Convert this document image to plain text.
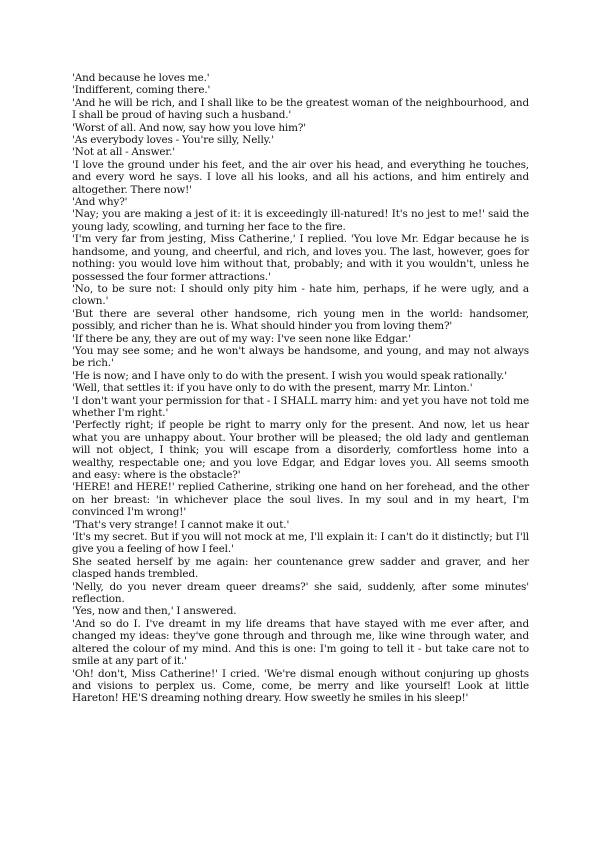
'And because he loves me.'

'Indifferent, coming there.'

'And he will be rich, and I shall like to be the greatest woman of the neighbourhood, and I shall be proud of having such a husband.'

'Worst of all. And now, say how you love him?'

'As everybody loves - You're silly, Nelly.'

'Not at all - Answer.'

'I love the ground under his feet, and the air over his head, and everything he touches, and every word he says. I love all his looks, and all his actions, and him entirely and altogether. There now!'

'And why?'

'Nay; you are making a jest of it: it is exceedingly ill-natured! It's no jest to me!' said the young lady, scowling, and turning her face to the fire.

'I'm very far from jesting, Miss Catherine,' I replied. 'You love Mr. Edgar because he is handsome, and young, and cheerful, and rich, and loves you. The last, however, goes for nothing: you would love him without that, probably; and with it you wouldn't, unless he possessed the four former attractions.'

'No, to be sure not: I should only pity him - hate him, perhaps, if he were ugly, and a clown.'

'But there are several other handsome, rich young men in the world: handsomer, possibly, and richer than he is. What should hinder you from loving them?'

'If there be any, they are out of my way: I've seen none like Edgar.'

'You may see some; and he won't always be handsome, and young, and may not always be rich.'

'He is now; and I have only to do with the present. I wish you would speak rationally.'

'Well, that settles it: if you have only to do with the present, marry Mr. Linton.'

'I don't want your permission for that - I SHALL marry him: and yet you have not told me whether I'm right.'

'Perfectly right; if people be right to marry only for the present. And now, let us hear what you are unhappy about. Your brother will be pleased; the old lady and gentleman will not object, I think; you will escape from a disorderly, comfortless home into a wealthy, respectable one; and you love Edgar, and Edgar loves you. All seems smooth and easy: where is the obstacle?'

'HERE! and HERE!' replied Catherine, striking one hand on her forehead, and the other on her breast: 'in whichever place the soul lives. In my soul and in my heart, I'm convinced I'm wrong!'

'That's very strange! I cannot make it out.'

'It's my secret. But if you will not mock at me, I'll explain it: I can't do it distinctly; but I'll give you a feeling of how I feel.'

She seated herself by me again: her countenance grew sadder and graver, and her clasped hands trembled.

'Nelly, do you never dream queer dreams?' she said, suddenly, after some minutes' reflection.

'Yes, now and then,' I answered.

'And so do I. I've dreamt in my life dreams that have stayed with me ever after, and changed my ideas: they've gone through and through me, like wine through water, and altered the colour of my mind. And this is one: I'm going to tell it - but take care not to smile at any part of it.'

'Oh! don't, Miss Catherine!' I cried. 'We're dismal enough without conjuring up ghosts and visions to perplex us. Come, come, be merry and like yourself! Look at little Hareton! HE'S dreaming nothing dreary. How sweetly he smiles in his sleep!'
